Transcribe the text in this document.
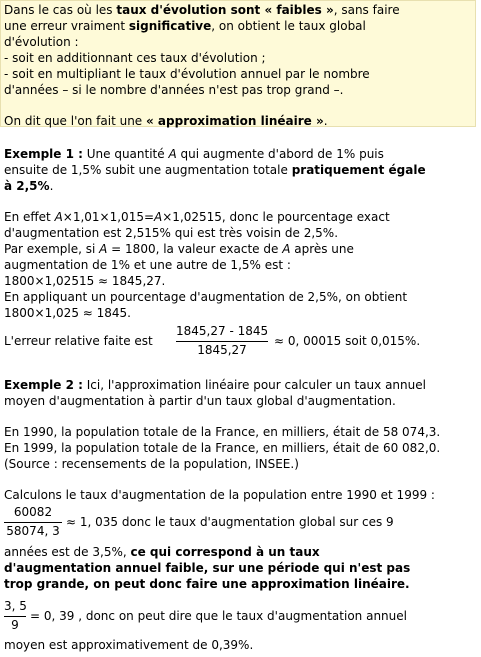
Dans le cas où les taux d'évolution sont « faibles », sans faire
une erreur vraiment significative, on obtient le taux global
d'évolution :
- soit en additionnant ces taux d'évolution ;
- soit en multipliant le taux d'évolution annuel par le nombre
d'années – si le nombre d'années n'est pas trop grand –.
On dit que l'on fait une « approximation linéaire ».
Exemple 1 : Une quantité A qui augmente d'abord de 1% puis
ensuite de 1,5% subit une augmentation totale pratiquement égale
à 2,5%.
En effet A×1,01×1,015=A×1,02515, donc le pourcentage exact
d'augmentation est 2,515% qui est très voisin de 2,5%.
Par exemple, si A = 1800, la valeur exacte de A après une
augmentation de 1% et une autre de 1,5% est :
1800×1,02515 ≈ 1845,27.
En appliquant un pourcentage d'augmentation de 2,5%, on obtient
1800×1,025 ≈ 1845.
L'erreur relative faite est
1845,27 - 1845
1845,27
≈ 0, 00015 soit 0,015%.
Exemple 2 : Ici, l'approximation linéaire pour calculer un taux annuel
moyen d'augmentation à partir d'un taux global d'augmentation.
En 1990, la population totale de la France, en milliers, était de 58 074,3.
En 1999, la population totale de la France, en milliers, était de 60 082,0.
(Source : recensements de la population, INSEE.)
Calculons le taux d'augmentation de la population entre 1990 et 1999 :
60082
58074, 3
≈ 1, 035 donc le taux d'augmentation global sur ces 9
années est de 3,5%, ce qui correspond à un taux
d'augmentation annuel faible, sur une période qui n'est pas
trop grande, on peut donc faire une approximation linéaire.
3, 5
9
= 0, 39 , donc on peut dire que le taux d'augmentation annuel
moyen est approximativement de 0,39%.
